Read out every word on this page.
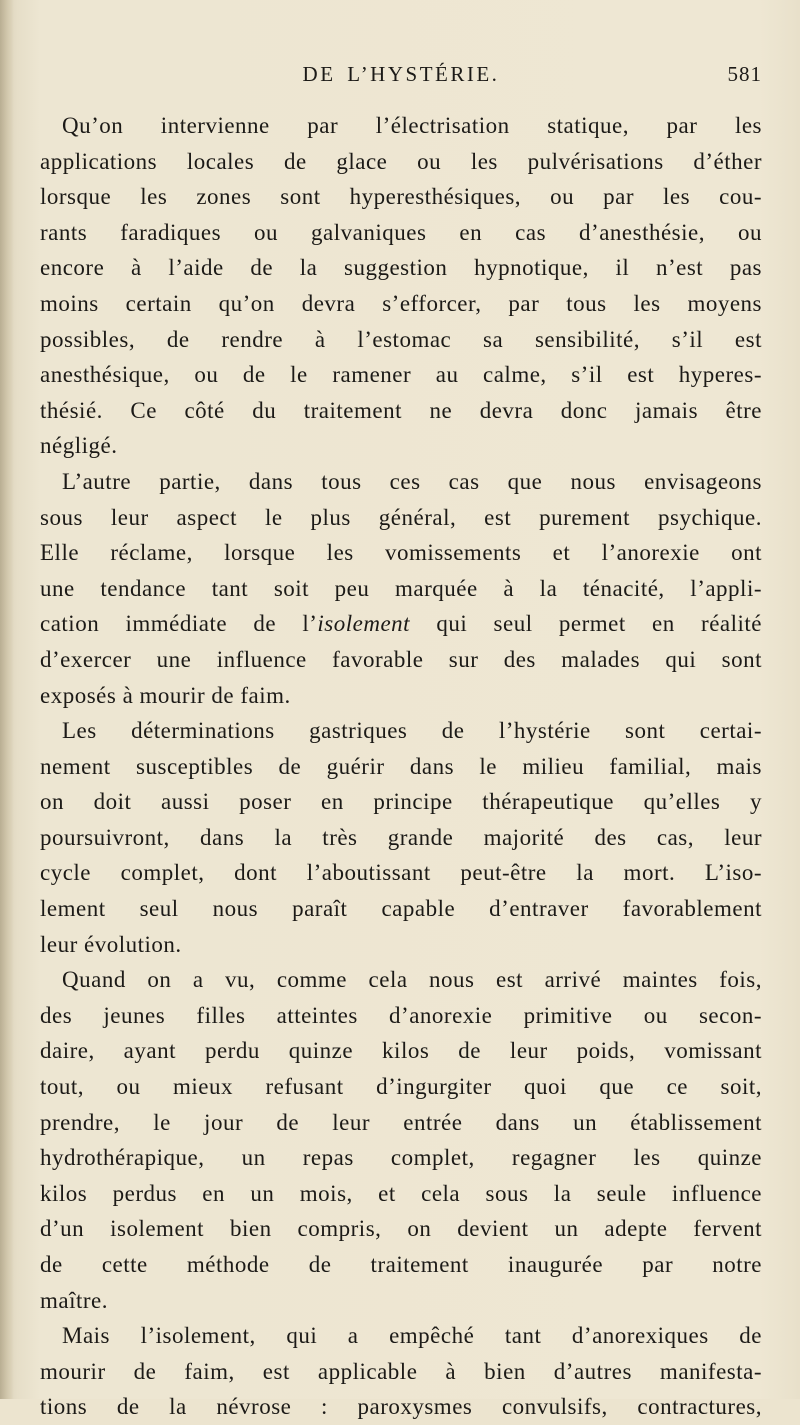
DE L’HYSTÉRIE.	581
Qu’on intervienne par l’électrisation statique, par les
applications locales de glace ou les pulvérisations d’éther
lorsque les zones sont hyperesthésiques, ou par les cou-
rants faradiques ou galvaniques en cas d’anesthésie, ou
encore à l’aide de la suggestion hypnotique, il n’est pas
moins certain qu’on devra s’efforcer, par tous les moyens
possibles, de rendre à l’estomac sa sensibilité, s’il est
anesthésique, ou de le ramener au calme, s’il est hyperes-
thésié. Ce côté du traitement ne devra donc jamais être
négligé.
L’autre partie, dans tous ces cas que nous envisageons
sous leur aspect le plus général, est purement psychique.
Elle réclame, lorsque les vomissements et l’anorexie ont
une tendance tant soit peu marquée à la ténacité, l’appli-
cation immédiate de l’isolement qui seul permet en réalité
d’exercer une influence favorable sur des malades qui sont
exposés à mourir de faim.
Les déterminations gastriques de l’hystérie sont certai-
nement susceptibles de guérir dans le milieu familial, mais
on doit aussi poser en principe thérapeutique qu’elles y
poursuivront, dans la très grande majorité des cas, leur
cycle complet, dont l’aboutissant peut-être la mort. L’iso-
lement seul nous paraît capable d’entraver favorablement
leur évolution.
Quand on a vu, comme cela nous est arrivé maintes fois,
des jeunes filles atteintes d’anorexie primitive ou secon-
daire, ayant perdu quinze kilos de leur poids, vomissant
tout, ou mieux refusant d’ingurgiter quoi que ce soit,
prendre, le jour de leur entrée dans un établissement
hydrothérapique, un repas complet, regagner les quinze
kilos perdus en un mois, et cela sous la seule influence
d’un isolement bien compris, on devient un adepte fervent
de cette méthode de traitement inaugurée par notre
maître.
Mais l’isolement, qui a empêché tant d’anorexiques de
mourir de faim, est applicable à bien d’autres manifesta-
tions de la névrose : paroxysmes convulsifs, contractures,
